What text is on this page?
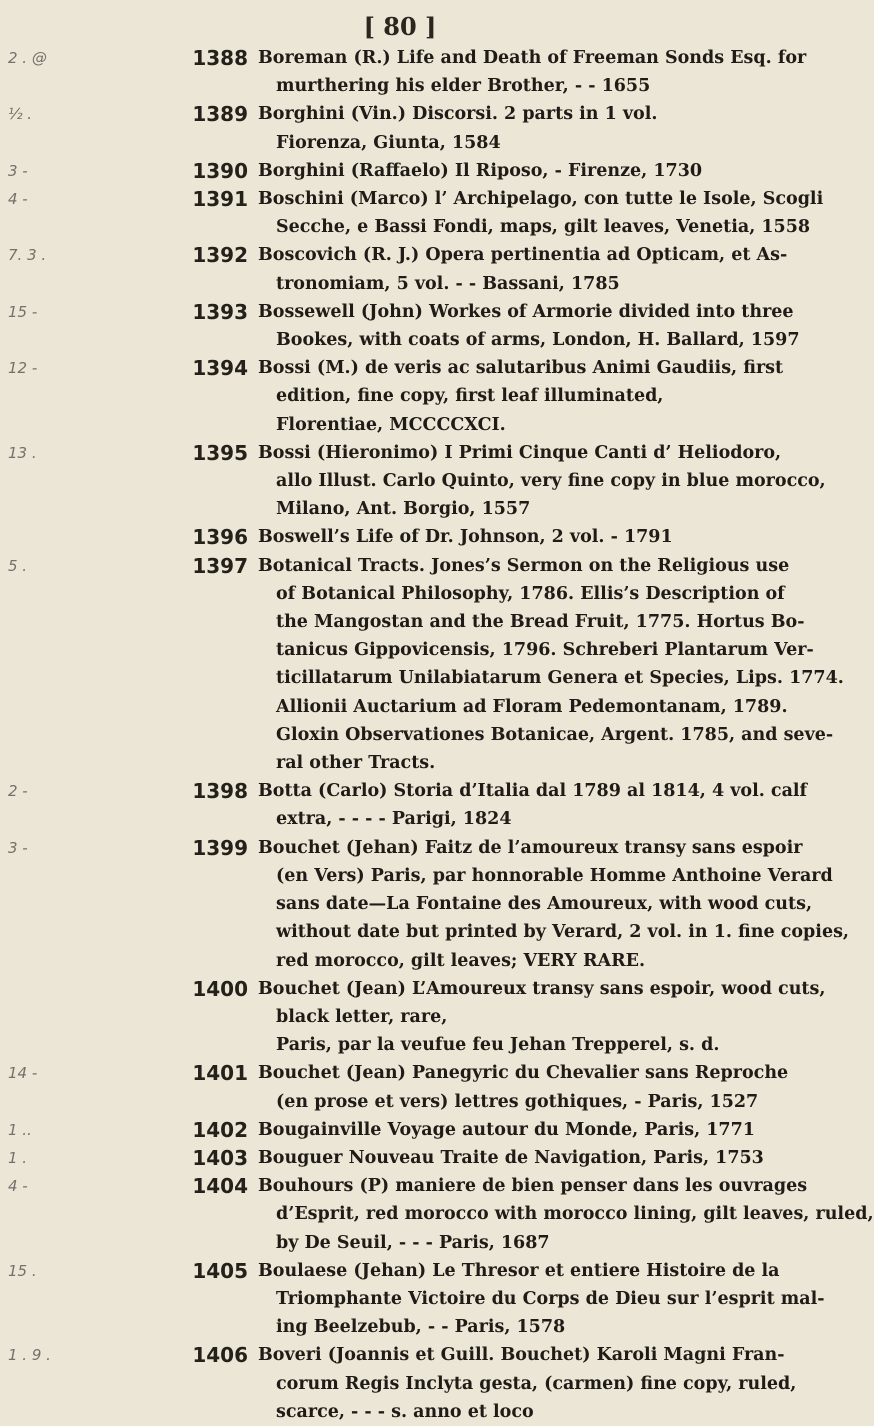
[ 80 ]
2 . @	1388 Boreman (R.) Life and Death of Freeman Sonds Esq. for
murthering his elder Brother, - - 1655
½ .	1389 Borghini (Vin.) Discorsi. 2 parts in 1 vol.
Fiorenza, Giunta, 1584
3 -	1390 Borghini (Raffaelo) Il Riposo, - Firenze, 1730
4 -	1391 Boschini (Marco) l’ Archipelago, con tutte le Isole, Scogli
Secche, e Bassi Fondi, maps, gilt leaves, Venetia, 1558
7. 3 .	1392 Boscovich (R. J.) Opera pertinentia ad Opticam, et As-
tronomiam, 5 vol. - - Bassani, 1785
15 -	1393 Bossewell (John) Workes of Armorie divided into three
Bookes, with coats of arms, London, H. Ballard, 1597
12 -	1394 Bossi (M.) de veris ac salutaribus Animi Gaudiis, first
edition, fine copy, first leaf illuminated,
Florentiae, MCCCCXCI.
13 .	1395 Bossi (Hieronimo) I Primi Cinque Canti d’ Heliodoro,
allo Illust. Carlo Quinto, very fine copy in blue morocco,
Milano, Ant. Borgio, 1557
1396 Boswell’s Life of Dr. Johnson, 2 vol. - 1791
5 .	1397 Botanical Tracts. Jones’s Sermon on the Religious use
of Botanical Philosophy, 1786. Ellis’s Description of
the Mangostan and the Bread Fruit, 1775. Hortus Bo-
tanicus Gippovicensis, 1796. Schreberi Plantarum Ver-
ticillatarum Unilabiatarum Genera et Species, Lips. 1774.
Allionii Auctarium ad Floram Pedemontanam, 1789.
Gloxin Observationes Botanicae, Argent. 1785, and seve-
ral other Tracts.
2 -	1398 Botta (Carlo) Storia d’Italia dal 1789 al 1814, 4 vol. calf
extra, - - - - Parigi, 1824
3 -	1399 Bouchet (Jehan) Faitz de l’amoureux transy sans espoir
(en Vers) Paris, par honnorable Homme Anthoine Verard
sans date—La Fontaine des Amoureux, with wood cuts,
without date but printed by Verard, 2 vol. in 1. fine copies,
red morocco, gilt leaves; VERY RARE.
1400 Bouchet (Jean) L’Amoureux transy sans espoir, wood cuts,
black letter, rare,
Paris, par la veufue feu Jehan Trepperel, s. d.
14 -	1401 Bouchet (Jean) Panegyric du Chevalier sans Reproche
(en prose et vers) lettres gothiques, - Paris, 1527
1 ..	1402 Bougainville Voyage autour du Monde, Paris, 1771
1 .	1403 Bouguer Nouveau Traite de Navigation, Paris, 1753
4 -	1404 Bouhours (P) maniere de bien penser dans les ouvrages
d’Esprit, red morocco with morocco lining, gilt leaves, ruled,
by De Seuil, - - - Paris, 1687
15 .	1405 Boulaese (Jehan) Le Thresor et entiere Histoire de la
Triomphante Victoire du Corps de Dieu sur l’esprit mal-
ing Beelzebub, - - Paris, 1578
1 . 9 .	1406 Boveri (Joannis et Guill. Bouchet) Karoli Magni Fran-
corum Regis Inclyta gesta, (carmen) fine copy, ruled,
scarce, - - - s. anno et loco
